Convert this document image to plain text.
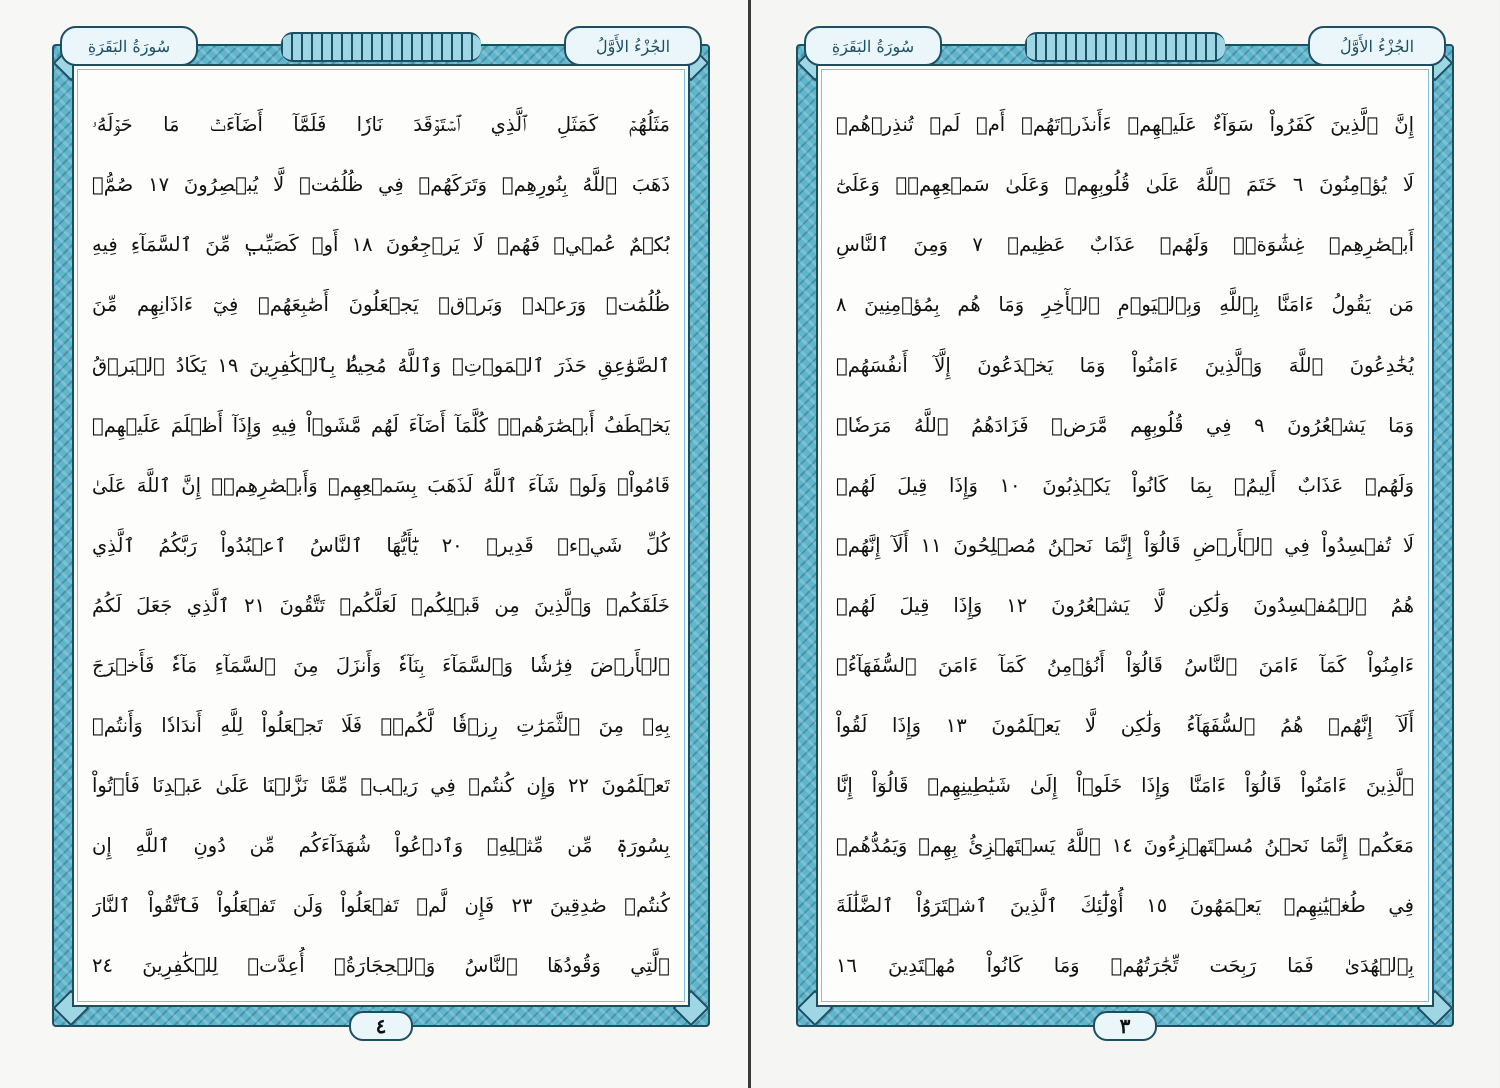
الجُزْءُ الأَوَّلُ
سُورَةُ البَقَرَةِ
مَثَلُهُمۡ كَمَثَلِ ٱلَّذِي ٱسۡتَوۡقَدَ نَارٗا فَلَمَّآ أَضَآءَتۡ مَا حَوۡلَهُۥ
ذَهَبَ ٱللَّهُ بِنُورِهِمۡ وَتَرَكَهُمۡ فِي ظُلُمَٰتٖ لَّا يُبۡصِرُونَ ١٧ صُمُّۢ
بُكۡمٌ عُمۡيٞ فَهُمۡ لَا يَرۡجِعُونَ ١٨ أَوۡ كَصَيِّبٖ مِّنَ ٱلسَّمَآءِ فِيهِ
ظُلُمَٰتٞ وَرَعۡدٞ وَبَرۡقٞ يَجۡعَلُونَ أَصَٰبِعَهُمۡ فِيٓ ءَاذَانِهِم مِّنَ
ٱلصَّوَٰعِقِ حَذَرَ ٱلۡمَوۡتِۚ وَٱللَّهُ مُحِيطُۢ بِٱلۡكَٰفِرِينَ ١٩ يَكَادُ ٱلۡبَرۡقُ
يَخۡطَفُ أَبۡصَٰرَهُمۡۖ كُلَّمَآ أَضَآءَ لَهُم مَّشَوۡاْ فِيهِ وَإِذَآ أَظۡلَمَ عَلَيۡهِمۡ
قَامُواْۚ وَلَوۡ شَآءَ ٱللَّهُ لَذَهَبَ بِسَمۡعِهِمۡ وَأَبۡصَٰرِهِمۡۚ إِنَّ ٱللَّهَ عَلَىٰ
كُلِّ شَيۡءٖ قَدِيرٞ ٢٠ يَٰٓأَيُّهَا ٱلنَّاسُ ٱعۡبُدُواْ رَبَّكُمُ ٱلَّذِي
خَلَقَكُمۡ وَٱلَّذِينَ مِن قَبۡلِكُمۡ لَعَلَّكُمۡ تَتَّقُونَ ٢١ ٱلَّذِي جَعَلَ لَكُمُ
ٱلۡأَرۡضَ فِرَٰشٗا وَٱلسَّمَآءَ بِنَآءٗ وَأَنزَلَ مِنَ ٱلسَّمَآءِ مَآءٗ فَأَخۡرَجَ
بِهِۦ مِنَ ٱلثَّمَرَٰتِ رِزۡقٗا لَّكُمۡۖ فَلَا تَجۡعَلُواْ لِلَّهِ أَندَادٗا وَأَنتُمۡ
تَعۡلَمُونَ ٢٢ وَإِن كُنتُمۡ فِي رَيۡبٖ مِّمَّا نَزَّلۡنَا عَلَىٰ عَبۡدِنَا فَأۡتُواْ
بِسُورَةٖ مِّن مِّثۡلِهِۦ وَٱدۡعُواْ شُهَدَآءَكُم مِّن دُونِ ٱللَّهِ إِن
كُنتُمۡ صَٰدِقِينَ ٢٣ فَإِن لَّمۡ تَفۡعَلُواْ وَلَن تَفۡعَلُواْ فَٱتَّقُواْ ٱلنَّارَ
ٱلَّتِي وَقُودُهَا ٱلنَّاسُ وَٱلۡحِجَارَةُۖ أُعِدَّتۡ لِلۡكَٰفِرِينَ ٢٤
٤
الجُزْءُ الأَوَّلُ
سُورَةُ البَقَرَةِ
إِنَّ ٱلَّذِينَ كَفَرُواْ سَوَآءٌ عَلَيۡهِمۡ ءَأَنذَرۡتَهُمۡ أَمۡ لَمۡ تُنذِرۡهُمۡ
لَا يُؤۡمِنُونَ ٦ خَتَمَ ٱللَّهُ عَلَىٰ قُلُوبِهِمۡ وَعَلَىٰ سَمۡعِهِمۡۖ وَعَلَىٰٓ
أَبۡصَٰرِهِمۡ غِشَٰوَةٞۖ وَلَهُمۡ عَذَابٌ عَظِيمٞ ٧ وَمِنَ ٱلنَّاسِ
مَن يَقُولُ ءَامَنَّا بِٱللَّهِ وَبِٱلۡيَوۡمِ ٱلۡأٓخِرِ وَمَا هُم بِمُؤۡمِنِينَ ٨
يُخَٰدِعُونَ ٱللَّهَ وَٱلَّذِينَ ءَامَنُواْ وَمَا يَخۡدَعُونَ إِلَّآ أَنفُسَهُمۡ
وَمَا يَشۡعُرُونَ ٩ فِي قُلُوبِهِم مَّرَضٞ فَزَادَهُمُ ٱللَّهُ مَرَضٗاۖ
وَلَهُمۡ عَذَابٌ أَلِيمُۢ بِمَا كَانُواْ يَكۡذِبُونَ ١٠ وَإِذَا قِيلَ لَهُمۡ
لَا تُفۡسِدُواْ فِي ٱلۡأَرۡضِ قَالُوٓاْ إِنَّمَا نَحۡنُ مُصۡلِحُونَ ١١ أَلَآ إِنَّهُمۡ
هُمُ ٱلۡمُفۡسِدُونَ وَلَٰكِن لَّا يَشۡعُرُونَ ١٢ وَإِذَا قِيلَ لَهُمۡ
ءَامِنُواْ كَمَآ ءَامَنَ ٱلنَّاسُ قَالُوٓاْ أَنُؤۡمِنُ كَمَآ ءَامَنَ ٱلسُّفَهَآءُۗ
أَلَآ إِنَّهُمۡ هُمُ ٱلسُّفَهَآءُ وَلَٰكِن لَّا يَعۡلَمُونَ ١٣ وَإِذَا لَقُواْ
ٱلَّذِينَ ءَامَنُواْ قَالُوٓاْ ءَامَنَّا وَإِذَا خَلَوۡاْ إِلَىٰ شَيَٰطِينِهِمۡ قَالُوٓاْ إِنَّا
مَعَكُمۡ إِنَّمَا نَحۡنُ مُسۡتَهۡزِءُونَ ١٤ ٱللَّهُ يَسۡتَهۡزِئُ بِهِمۡ وَيَمُدُّهُمۡ
فِي طُغۡيَٰنِهِمۡ يَعۡمَهُونَ ١٥ أُوْلَٰٓئِكَ ٱلَّذِينَ ٱشۡتَرَوُاْ ٱلضَّلَٰلَةَ
بِٱلۡهُدَىٰ فَمَا رَبِحَت تِّجَٰرَتُهُمۡ وَمَا كَانُواْ مُهۡتَدِينَ ١٦
٣
